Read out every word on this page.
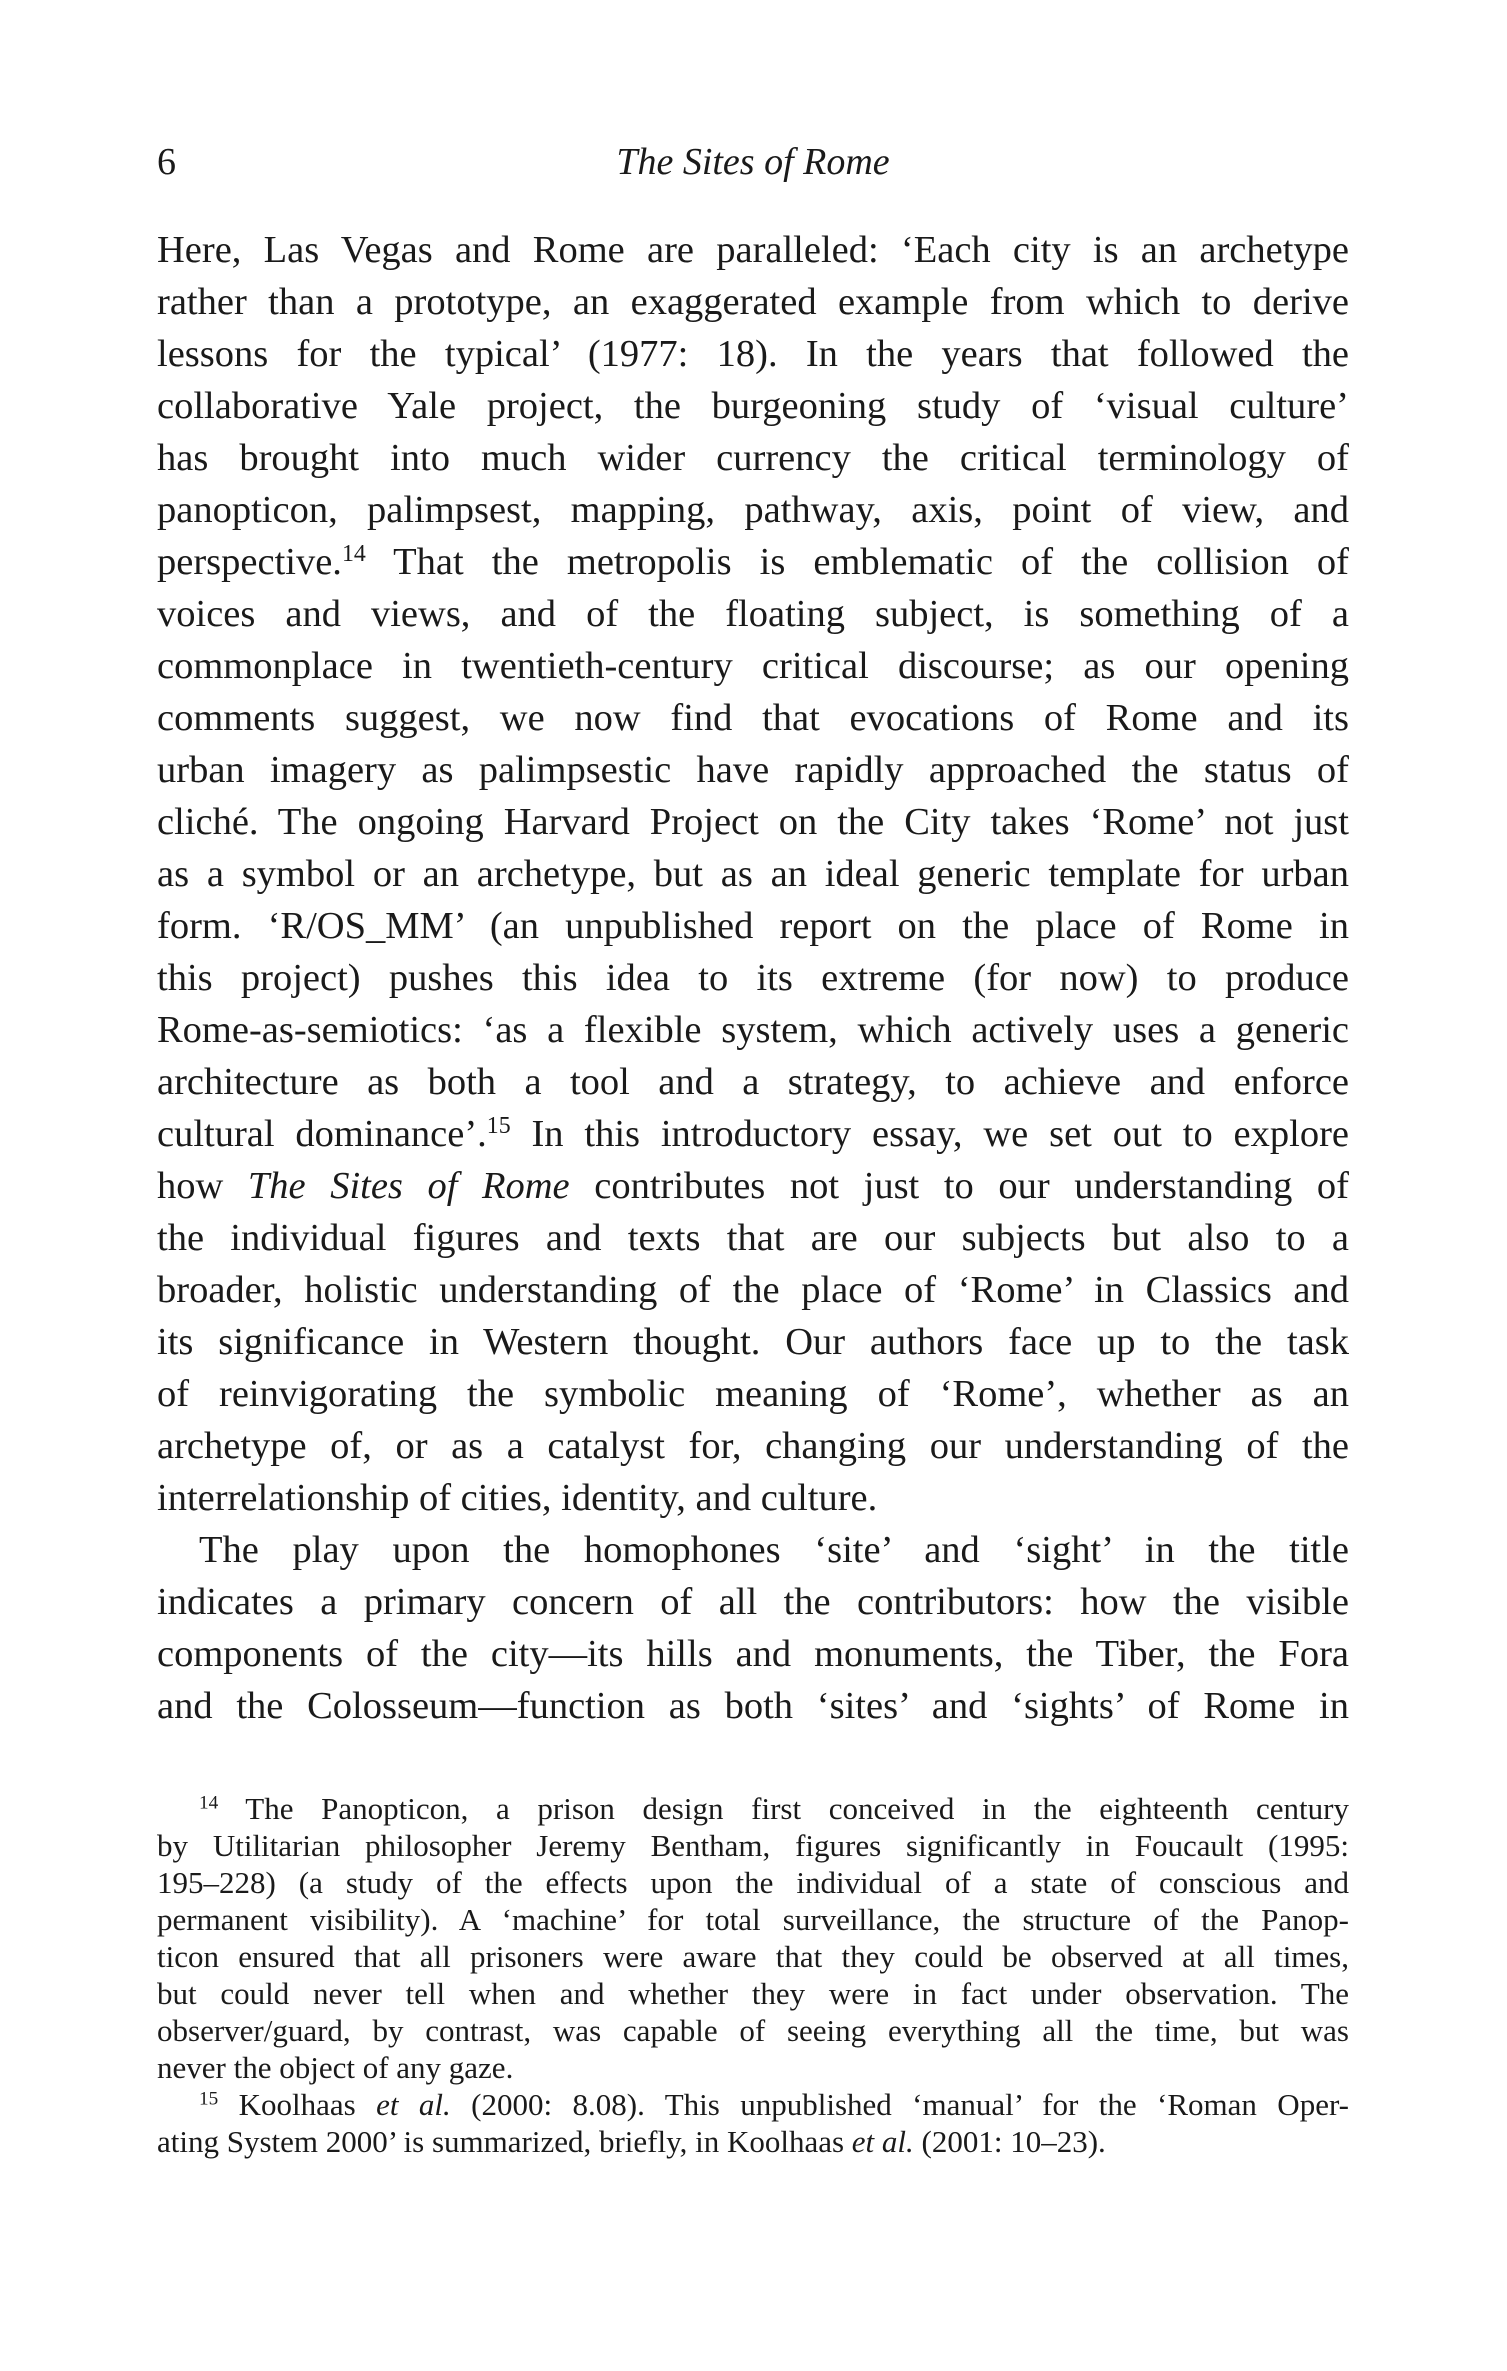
6	The Sites of Rome
Here, Las Vegas and Rome are paralleled: ‘Each city is an archetype
rather than a prototype, an exaggerated example from which to derive
lessons for the typical’ (1977: 18). In the years that followed the
collaborative Yale project, the burgeoning study of ‘visual culture’
has brought into much wider currency the critical terminology of
panopticon, palimpsest, mapping, pathway, axis, point of view, and
perspective.$^{14}$ That the metropolis is emblematic of the collision of
voices and views, and of the floating subject, is something of a
commonplace in twentieth-century critical discourse; as our opening
comments suggest, we now find that evocations of Rome and its
urban imagery as palimpsestic have rapidly approached the status of
cliché. The ongoing Harvard Project on the City takes ‘Rome’ not just
as a symbol or an archetype, but as an ideal generic template for urban
form. ‘R/OS_MM’ (an unpublished report on the place of Rome in
this project) pushes this idea to its extreme (for now) to produce
Rome-as-semiotics: ‘as a flexible system, which actively uses a generic
architecture as both a tool and a strategy, to achieve and enforce
cultural dominance’.$^{15}$ In this introductory essay, we set out to explore
how The Sites of Rome contributes not just to our understanding of
the individual figures and texts that are our subjects but also to a
broader, holistic understanding of the place of ‘Rome’ in Classics and
its significance in Western thought. Our authors face up to the task
of reinvigorating the symbolic meaning of ‘Rome’, whether as an
archetype of, or as a catalyst for, changing our understanding of the
interrelationship of cities, identity, and culture.
The play upon the homophones ‘site’ and ‘sight’ in the title
indicates a primary concern of all the contributors: how the visible
components of the city—its hills and monuments, the Tiber, the Fora
and the Colosseum—function as both ‘sites’ and ‘sights’ of Rome in
$^{14}$ The Panopticon, a prison design first conceived in the eighteenth century
by Utilitarian philosopher Jeremy Bentham, figures significantly in Foucault (1995:
195–228) (a study of the effects upon the individual of a state of conscious and
permanent visibility). A ‘machine’ for total surveillance, the structure of the Panop-
ticon ensured that all prisoners were aware that they could be observed at all times,
but could never tell when and whether they were in fact under observation. The
observer/guard, by contrast, was capable of seeing everything all the time, but was
never the object of any gaze.
$^{15}$ Koolhaas et al. (2000: 8.08). This unpublished ‘manual’ for the ‘Roman Oper-
ating System 2000’ is summarized, briefly, in Koolhaas et al. (2001: 10–23).
